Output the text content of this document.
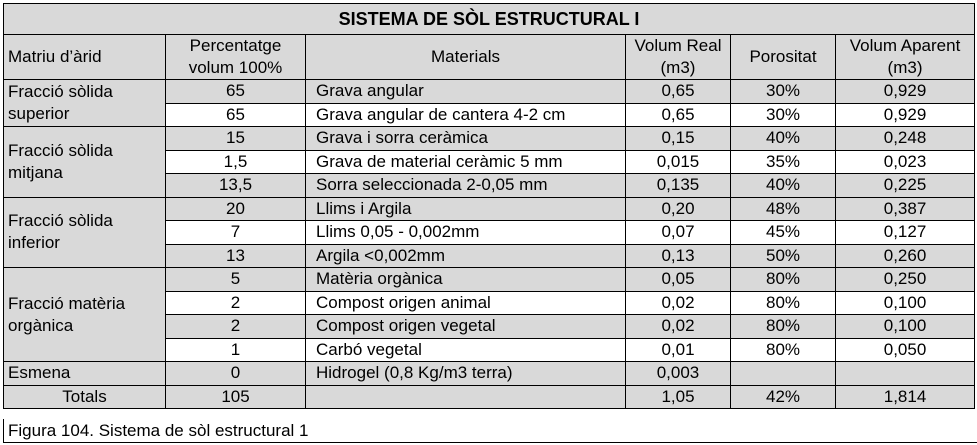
SISTEMA DE SÒL ESTRUCTURAL I					
Matriu d’àrid	Percentatge volum 100%	Materials	Volum Real (m3)	Porositat	Volum Aparent (m3)
Fracció sòlida superior	65	Grava angular	0,65	30%	0,929
	65	Grava angular de cantera 4-2 cm	0,65	30%	0,929
Fracció sòlida mitjana	15	Grava i sorra ceràmica	0,15	40%	0,248
	1,5	Grava de material ceràmic 5 mm	0,015	35%	0,023
	13,5	Sorra seleccionada 2-0,05 mm	0,135	40%	0,225
Fracció sòlida inferior	20	Llims i Argila	0,20	48%	0,387
	7	Llims 0,05 - 0,002mm	0,07	45%	0,127
	13	Argila <0,002mm	0,13	50%	0,260
Fracció matèria orgànica	5	Matèria orgànica	0,05	80%	0,250
	2	Compost origen animal	0,02	80%	0,100
	2	Compost origen vegetal	0,02	80%	0,100
	1	Carbó vegetal	0,01	80%	0,050
Esmena	0	Hidrogel (0,8 Kg/m3 terra)	0,003		
Totals	105		1,05	42%	1,814
Figura 104. Sistema de sòl estructural 1
